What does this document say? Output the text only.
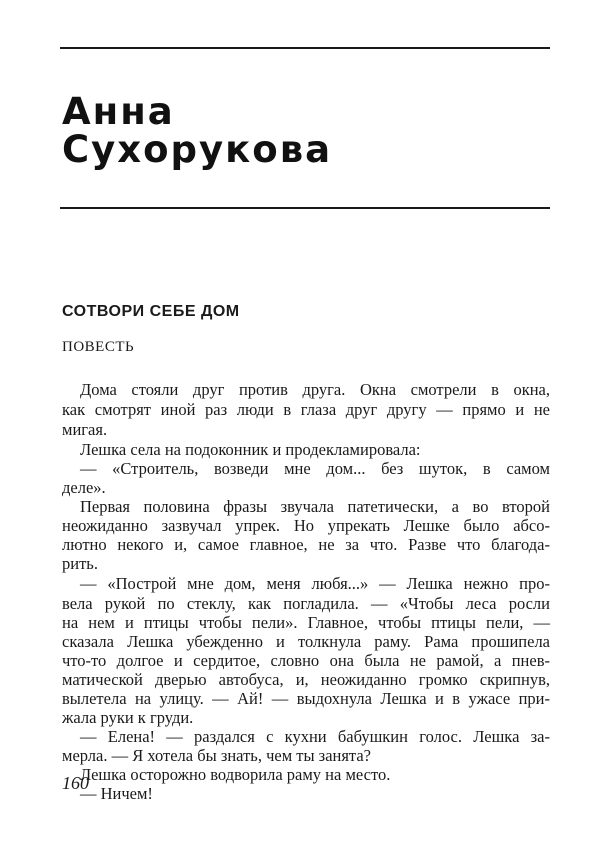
Анна
Сухорукова
СОТВОРИ СЕБЕ ДОМ
ПОВЕСТЬ
Дома стояли друг против друга. Окна смотрели в окна,
как смотрят иной раз люди в глаза друг другу — прямо и не
мигая.
Лешка села на подоконник и продекламировала:
— «Строитель, возведи мне дом... без шуток, в самом
деле».
Первая половина фразы звучала патетически, а во второй
неожиданно зазвучал упрек. Но упрекать Лешке было абсо-
лютно некого и, самое главное, не за что. Разве что благода-
рить.
— «Построй мне дом, меня любя...» — Лешка нежно про-
вела рукой по стеклу, как погладила. — «Чтобы леса росли
на нем и птицы чтобы пели». Главное, чтобы птицы пели, —
сказала Лешка убежденно и толкнула раму. Рама прошипела
что-то долгое и сердитое, словно она была не рамой, а пнев-
матической дверью автобуса, и, неожиданно громко скрипнув,
вылетела на улицу. — Ай! — выдохнула Лешка и в ужасе при-
жала руки к груди.
— Елена! — раздался с кухни бабушкин голос. Лешка за-
мерла. — Я хотела бы знать, чем ты занята?
Лешка осторожно водворила раму на место.
— Ничем!
160
